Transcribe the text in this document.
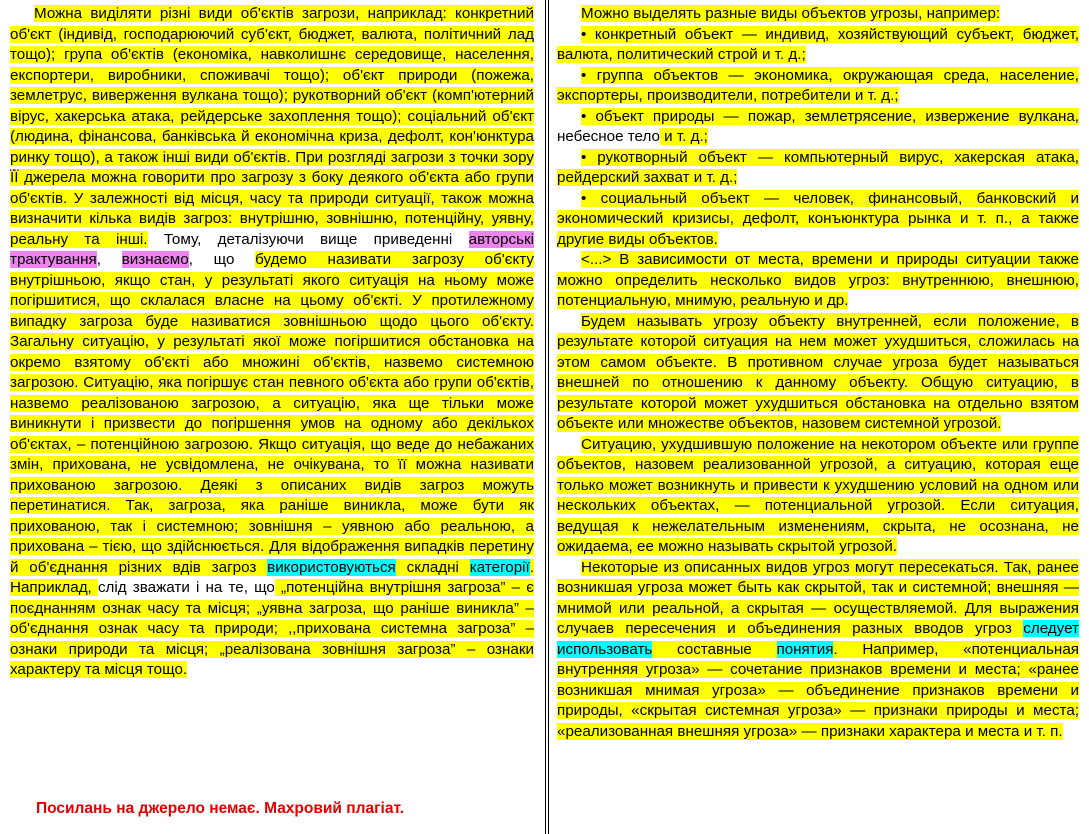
Можна виділяти різні види об'єктів загрози, наприклад: конкретний об'єкт (індивід, господарюючий суб'єкт, бюджет, валюта, політичний лад тощо); група об'єктів (економіка, навколишнє середовище, населення, експортери, виробники, споживачі тощо); об'єкт природи (пожежа, землетрус, виверження вулкана тощо); рукотворний об'єкт (комп'ютерний вірус, хакерська атака, рейдерське захоплення тощо); соціальний об'єкт (людина, фінансова, банківська й економічна криза, дефолт, кон'юнктура ринку тощо), а також інші види об'єктів. При розгляді загрози з точки зору ЇЇ джерела можна говорити про загрозу з боку деякого об'єкта або групи об'єктів. У залежності від місця, часу та природи ситуації, також можна визначити кілька видів загроз: внутрішню, зовнішню, потенційну, уявну, реальну та інші. Тому, деталізуючи вище приведенні авторські трактування, визнаємо, що будемо називати загрозу об'єкту внутрішньою, якщо стан, у результаті якого ситуація на ньому може погіршитися, що склалася власне на цьому об'єкті. У протилежному випадку загроза буде називатися зовнішньою щодо цього об'єкту. Загальну ситуацію, у результаті якої може погіршитися обстановка на окремо взятому об'єкті або множині об'єктів, назвемо системною загрозою. Ситуацію, яка погіршує стан певного об'єкта або групи об'єктів, назвемо реалізованою загрозою, а ситуацію, яка ще тільки може виникнути і призвести до погіршення умов на одному або декількох об'єктах, – потенційною загрозою. Якщо ситуація, що веде до небажаних змін, прихована, не усвідомлена, не очікувана, то її можна називати прихованою загрозою. Деякі з описаних видів загроз можуть перетинатися. Так, загроза, яка раніше виникла, може бути як прихованою, так і системною; зовнішня – уявною або реальною, а прихована – тією, що здійснюється. Для відображення випадків перетину й об'єднання різних вдів загроз використовуються складні категорії. Наприклад, слід зважати і на те, що „потенційна внутрішня загроза” – є поєднанням ознак часу та місця; „уявна загроза, що раніше виникла” – об'єднання ознак часу та природи; ,,прихована системна загроза” – ознаки природи та місця; „реалізована зовнішня загроза” – ознаки характеру та місця тощо.

Можно выделять разные виды объектов угрозы, например:

• конкретный объект — индивид, хозяйствующий субъект, бюджет, валюта, политический строй и т. д.;

• группа объектов — экономика, окружающая среда, население, экспортеры, производители, потребители и т. д.;

• объект природы — пожар, землетрясение, извержение вулкана, небесное тело и т. д.;

• рукотворный объект — компьютерный вирус, хакерская атака, рейдерский захват и т. д.;

• социальный объект — человек, финансовый, банковский и экономический кризисы, дефолт, конъюнктура рынка и т. п., а также другие виды объектов.

<...> В зависимости от места, времени и природы ситуации также можно определить несколько видов угроз: внутреннюю, внешнюю, потенциальную, мнимую, реальную и др.

Будем называть угрозу объекту внутренней, если положение, в результате которой ситуация на нем может ухудшиться, сложилась на этом самом объекте. В противном случае угроза будет называться внешней по отношению к данному объекту. Общую ситуацию, в результате которой может ухудшиться обстановка на отдельно взятом объекте или множестве объектов, назовем системной угрозой.

Ситуацию, ухудшившую положение на некотором объекте или группе объектов, назовем реализованной угрозой, а ситуацию, которая еще только может возникнуть и привести к ухудшению условий на одном или нескольких объектах, — потенциальной угрозой. Если ситуация, ведущая к нежелательным изменениям, скрыта, не осознана, не ожидаема, ее можно называть скрытой угрозой.

Некоторые из описанных видов угроз могут пересекаться. Так, ранее возникшая угроза может быть как скрытой, так и системной; внешняя — мнимой или реальной, а скрытая — осуществляемой. Для выражения случаев пересечения и объединения разных вводов угроз следует использовать составные понятия. Например, «потенциальная внутренняя угроза» — сочетание признаков времени и места; «ранее возникшая мнимая угроза» — объединение признаков времени и природы, «скрытая системная угроза» — признаки природы и места; «реализованная внешняя угроза» — признаки характера и места и т. п.

Посилань на джерело немає. Махровий плагіат.
